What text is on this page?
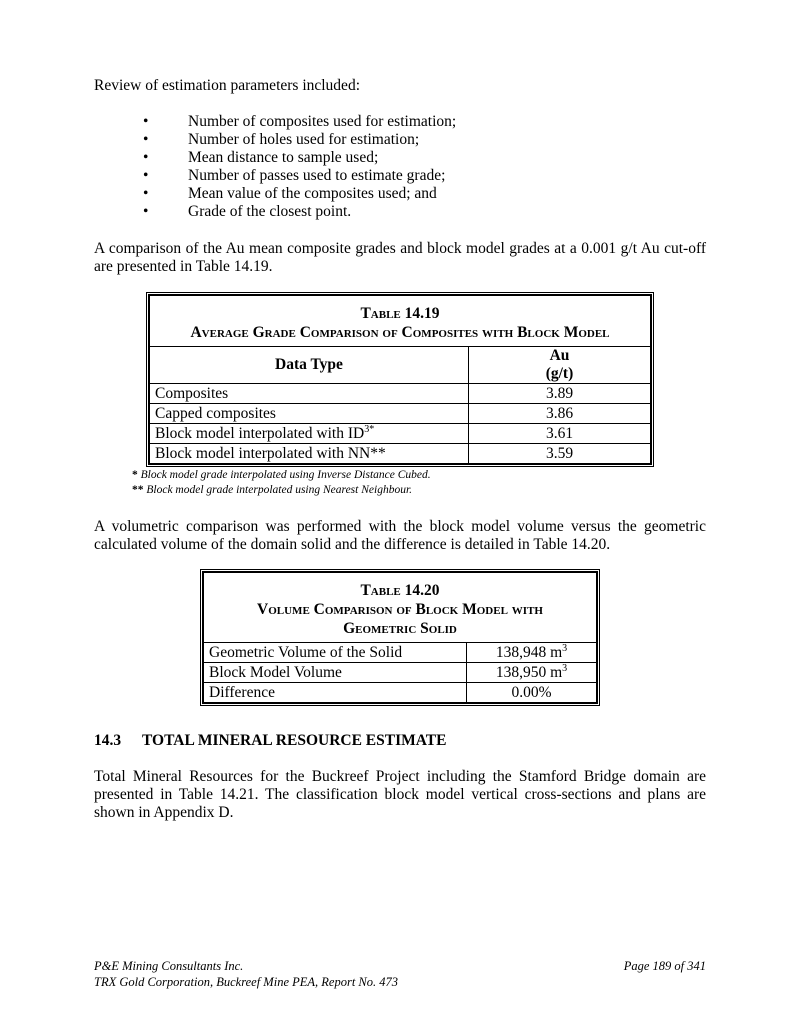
Review of estimation parameters included:

•	Number of composites used for estimation;
•	Number of holes used for estimation;
•	Mean distance to sample used;
•	Number of passes used to estimate grade;
•	Mean value of the composites used; and
•	Grade of the closest point.

A comparison of the Au mean composite grades and block model grades at a 0.001 g/t Au cut-off are presented in Table 14.19.

Table 14.19
Average Grade Comparison of Composites with Block Model	

Data Type	Au
(g/t)

Composites	3.89
Capped composites	3.86
Block model interpolated with $ID^{3*}$	3.61
Block model interpolated with NN**	3.59
* Block model grade interpolated using Inverse Distance Cubed.
** Block model grade interpolated using Nearest Neighbour.

A volumetric comparison was performed with the block model volume versus the geometric calculated volume of the domain solid and the difference is detailed in Table 14.20.

Table 14.20
Volume Comparison of Block Model with
Geometric Solid	

Geometric Volume of the Solid	138,948 $m^3$
Block Model Volume	138,950 $m^3$
Difference	0.00%
14.3 TOTAL MINERAL RESOURCE ESTIMATE

Total Mineral Resources for the Buckreef Project including the Stamford Bridge domain are presented in Table 14.21. The classification block model vertical cross-sections and plans are shown in Appendix D.

P&E Mining Consultants Inc.
TRX Gold Corporation, Buckreef Mine PEA, Report No. 473
Page 189 of 341
